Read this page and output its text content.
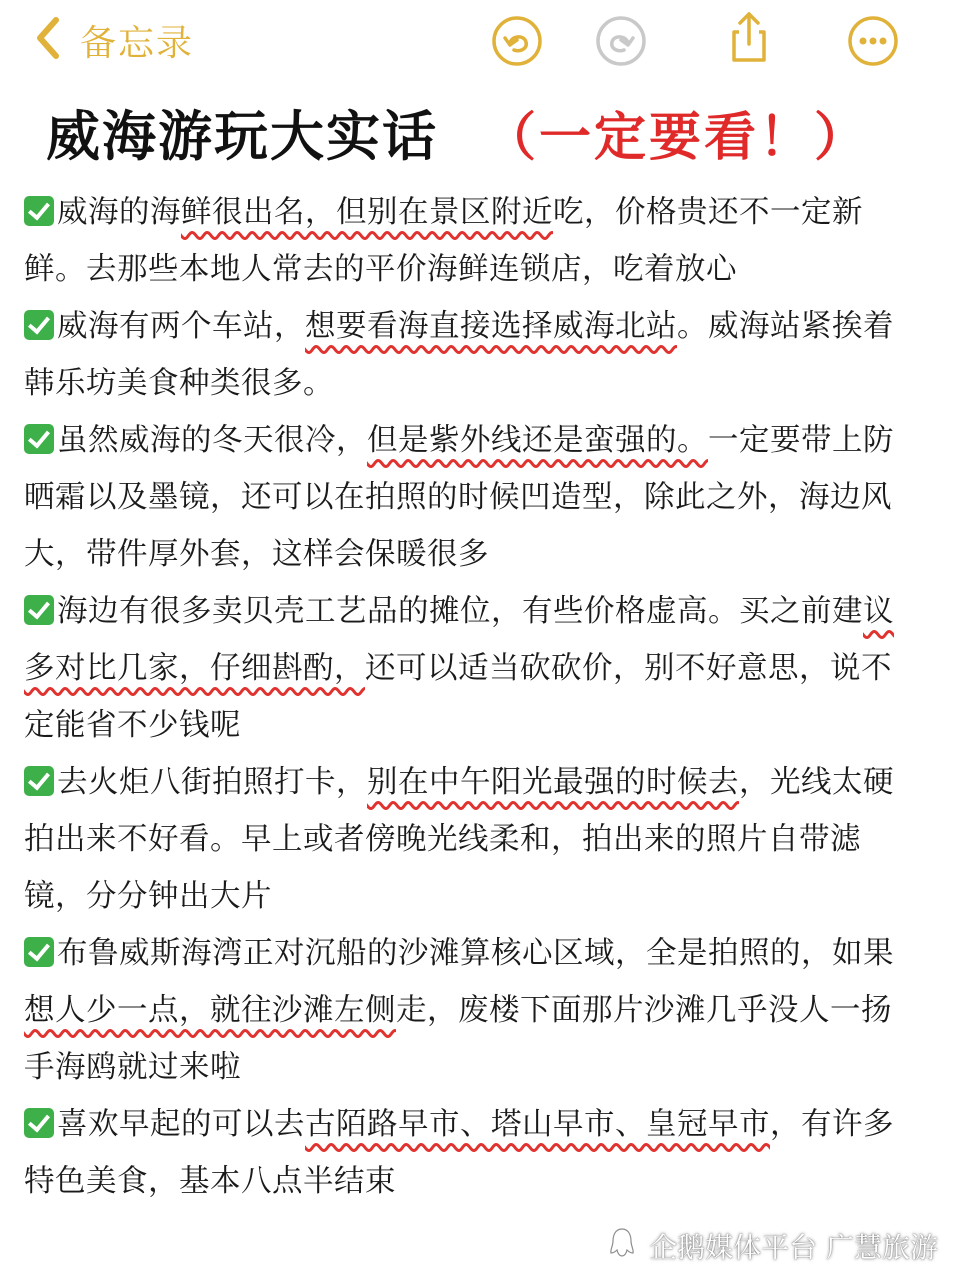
备忘录
威海游玩大实话 （一定要看！）
威海的海鲜很出名，但别在景区附近吃，价格贵还不一定新鲜。去那些本地人常去的平价海鲜连锁店，吃着放心
威海有两个车站，想要看海直接选择威海北站。威海站紧挨着韩乐坊美食种类很多。
虽然威海的冬天很冷，但是紫外线还是蛮强的。一定要带上防晒霜以及墨镜，还可以在拍照的时候凹造型，除此之外，海边风大，带件厚外套，这样会保暖很多
海边有很多卖贝壳工艺品的摊位，有些价格虚高。买之前建议多对比几家，仔细斟酌，还可以适当砍砍价，别不好意思，说不定能省不少钱呢
去火炬八街拍照打卡，别在中午阳光最强的时候去，光线太硬拍出来不好看。早上或者傍晚光线柔和，拍出来的照片自带滤镜，分分钟出大片
布鲁威斯海湾正对沉船的沙滩算核心区域，全是拍照的，如果想人少一点，就往沙滩左侧走，废楼下面那片沙滩几乎没人一扬手海鸥就过来啦
喜欢早起的可以去古陌路早市、塔山早市、皇冠早市，有许多特色美食，基本八点半结束
企鹅媒体平台 广慧旅游
